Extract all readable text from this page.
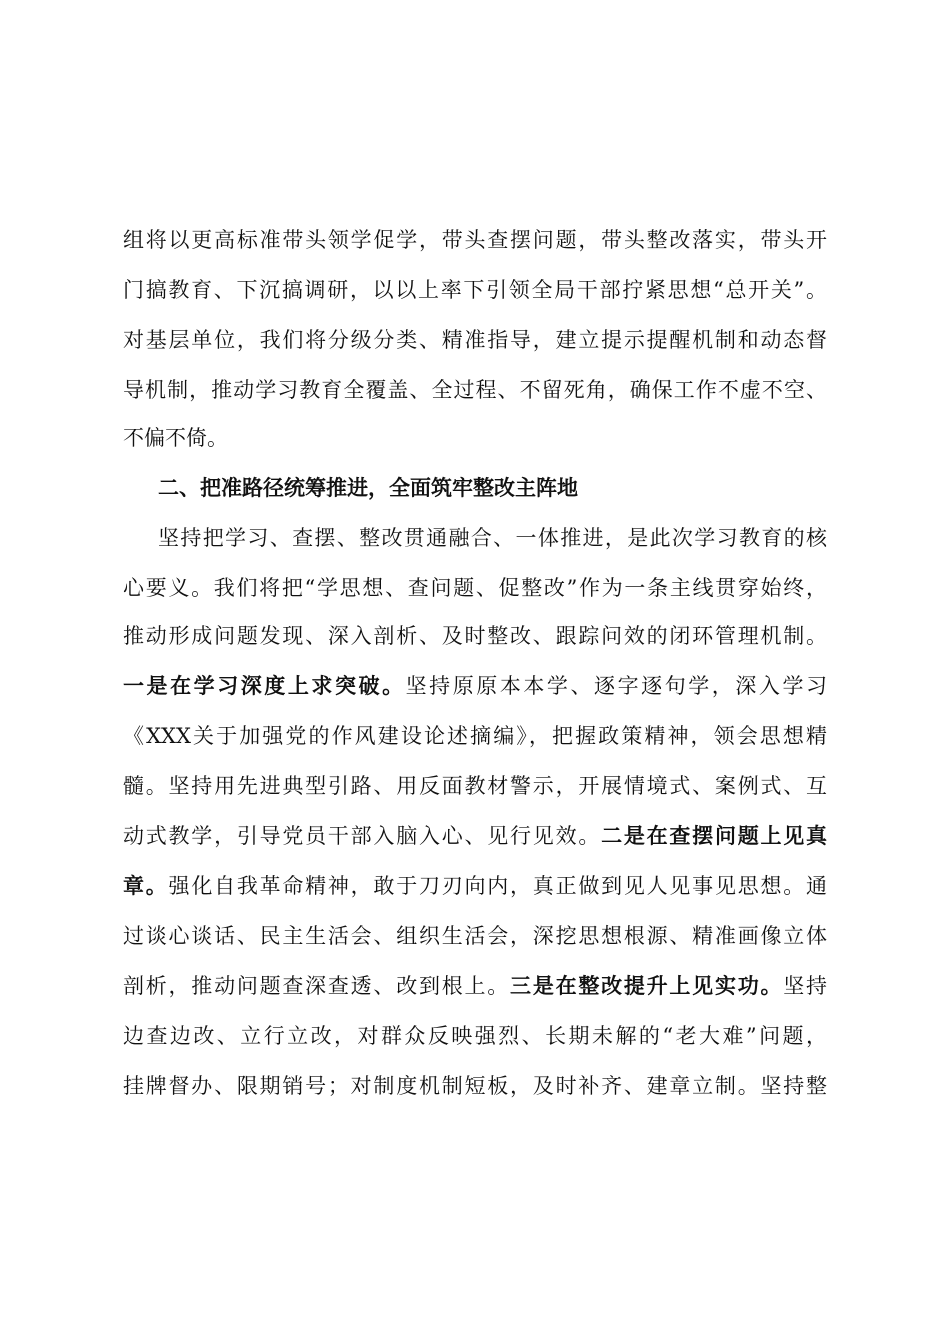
组将以更高标准带头领学促学，带头查摆问题，带头整改落实，带头开
门搞教育、下沉搞调研，以以上率下引领全局干部拧紧思想“总开关”。
对基层单位，我们将分级分类、精准指导，建立提示提醒机制和动态督
导机制，推动学习教育全覆盖、全过程、不留死角，确保工作不虚不空、
不偏不倚。
二、把准路径统筹推进，全面筑牢整改主阵地
坚持把学习、查摆、整改贯通融合、一体推进，是此次学习教育的核
心要义。我们将把“学思想、查问题、促整改”作为一条主线贯穿始终，
推动形成问题发现、深入剖析、及时整改、跟踪问效的闭环管理机制。
一是在学习深度上求突破。坚持原原本本学、逐字逐句学，深入学习
《XXX关于加强党的作风建设论述摘编》，把握政策精神，领会思想精
髓。坚持用先进典型引路、用反面教材警示，开展情境式、案例式、互
动式教学，引导党员干部入脑入心、见行见效。二是在查摆问题上见真
章。强化自我革命精神，敢于刀刃向内，真正做到见人见事见思想。通
过谈心谈话、民主生活会、组织生活会，深挖思想根源、精准画像立体
剖析，推动问题查深查透、改到根上。三是在整改提升上见实功。坚持
边查边改、立行立改，对群众反映强烈、长期未解的“老大难”问题，
挂牌督办、限期销号；对制度机制短板，及时补齐、建章立制。坚持整
